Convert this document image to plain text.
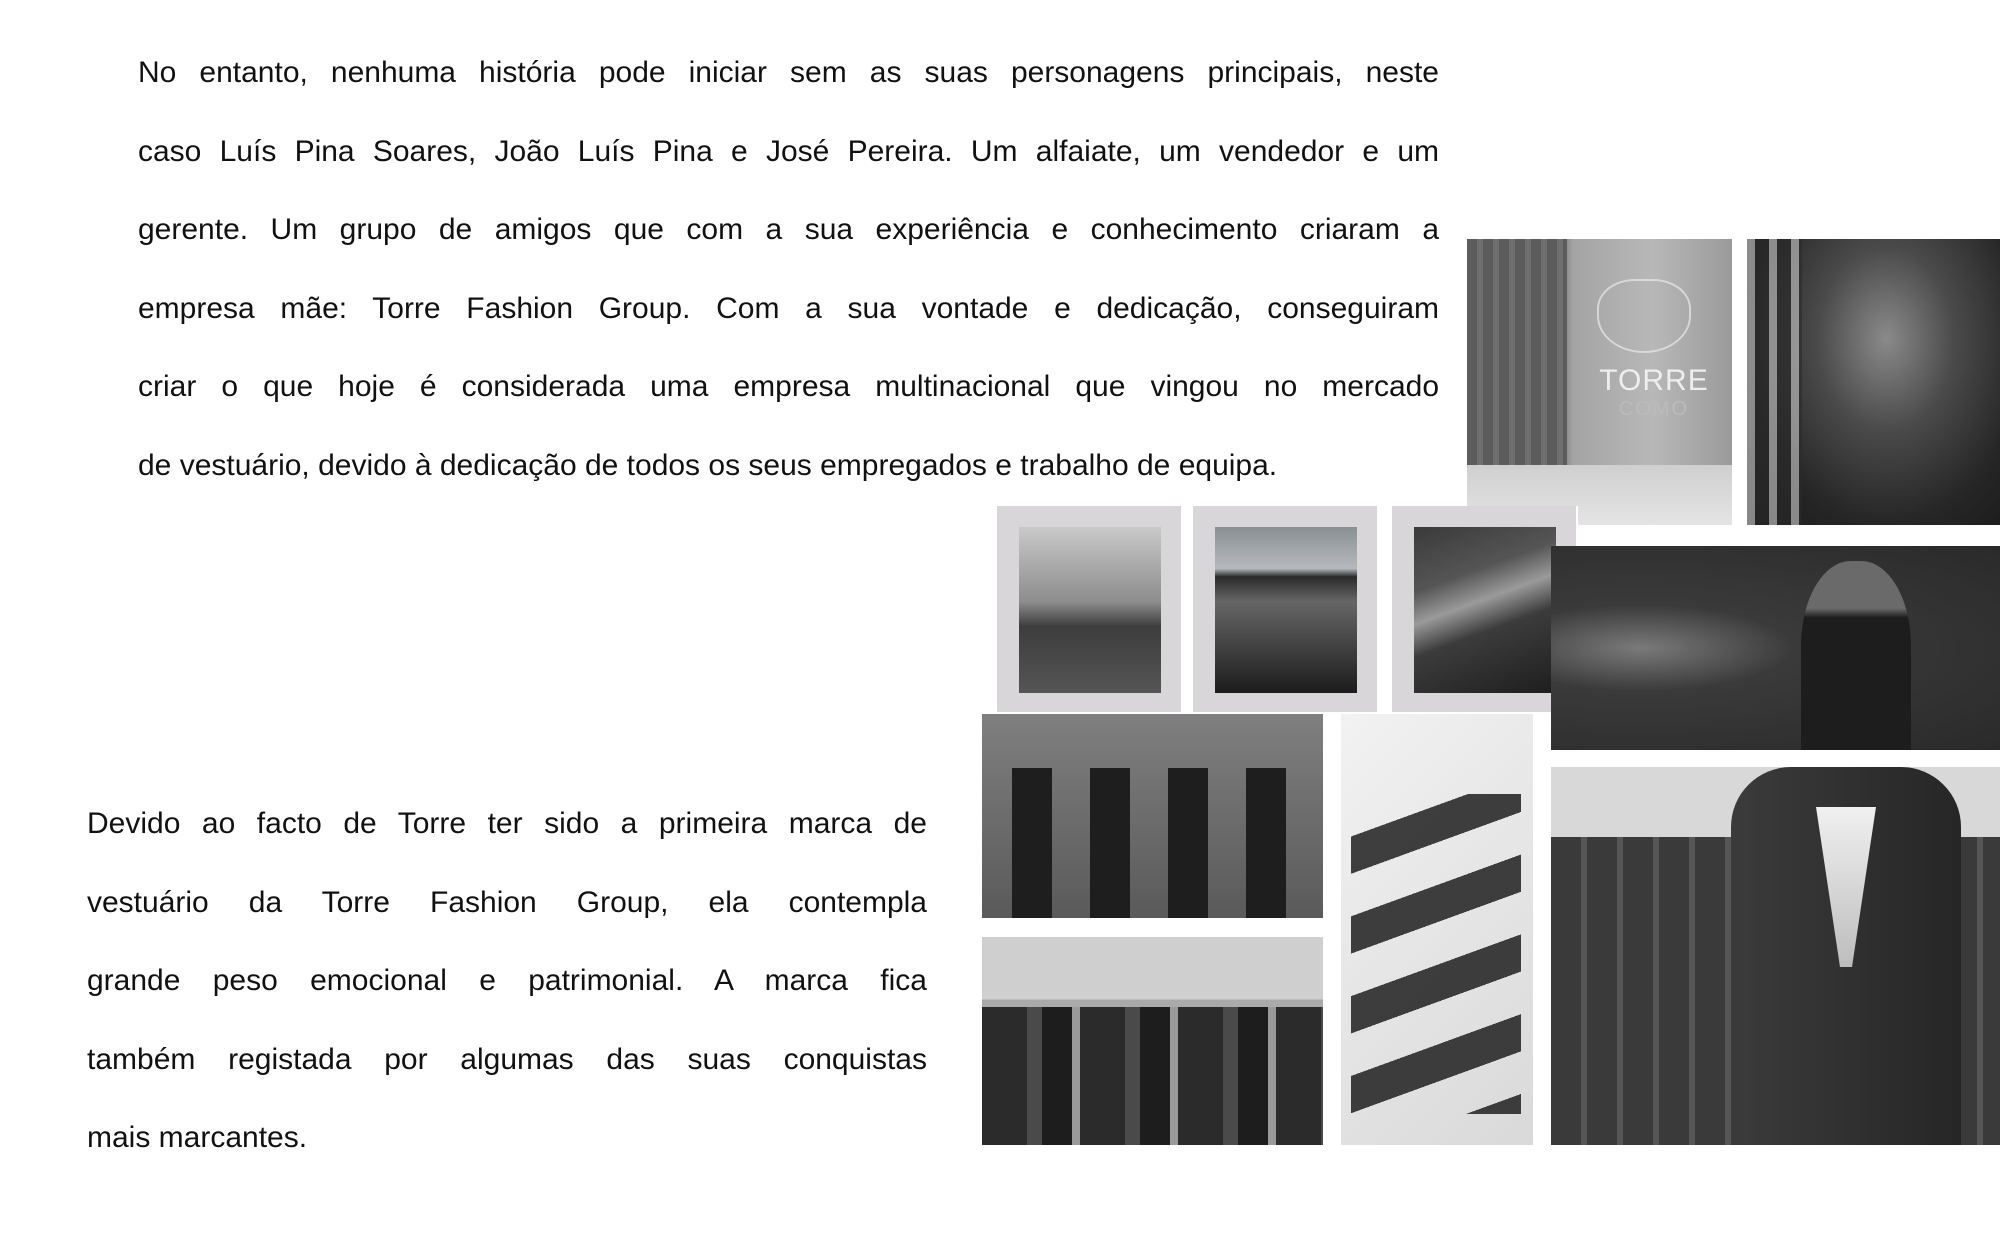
No entanto, nenhuma história pode iniciar sem as suas personagens principais, neste
caso Luís Pina Soares, João Luís Pina e José Pereira. Um alfaiate, um vendedor e um
gerente. Um grupo de amigos que com a sua experiência e conhecimento criaram a
empresa mãe: Torre Fashion Group. Com a sua vontade e dedicação, conseguiram
criar o que hoje é considerada uma empresa multinacional que vingou no mercado
de vestuário, devido à dedicação de todos os seus empregados e trabalho de equipa.
Devido ao facto de Torre ter sido a primeira marca de
vestuário da Torre Fashion Group, ela contempla
grande peso emocional e patrimonial. A marca fica
também registada por algumas das suas conquistas
mais marcantes.
TORRE
COMO
